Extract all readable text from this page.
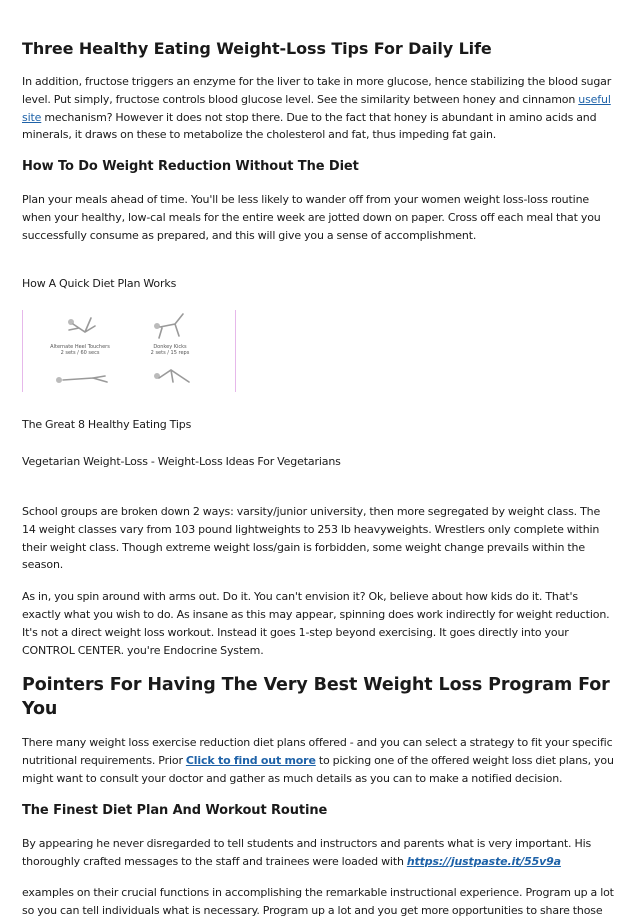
Three Healthy Eating Weight-Loss Tips For Daily Life

In addition, fructose triggers an enzyme for the liver to take in more glucose, hence stabilizing the blood sugar level. Put simply, fructose controls blood glucose level. See the similarity between honey and cinnamon useful site mechanism? However it does not stop there. Due to the fact that honey is abundant in amino acids and minerals, it draws on these to metabolize the cholesterol and fat, thus impeding fat gain.

How To Do Weight Reduction Without The Diet

Plan your meals ahead of time. You'll be less likely to wander off from your women weight loss-loss routine when your healthy, low-cal meals for the entire week are jotted down on paper. Cross off each meal that you successfully consume as prepared, and this will give you a sense of accomplishment.

How A Quick Diet Plan Works

Alternate Heel Touchers
2 sets / 60 secs
Donkey Kicks
2 sets / 15 reps

The Great 8 Healthy Eating Tips

Vegetarian Weight-Loss - Weight-Loss Ideas For Vegetarians

School groups are broken down 2 ways: varsity/junior university, then more segregated by weight class. The 14 weight classes vary from 103 pound lightweights to 253 lb heavyweights. Wrestlers only complete within their weight class. Though extreme weight loss/gain is forbidden, some weight change prevails within the season.

As in, you spin around with arms out. Do it. You can't envision it? Ok, believe about how kids do it. That's exactly what you wish to do. As insane as this may appear, spinning does work indirectly for weight reduction. It's not a direct weight loss workout. Instead it goes 1-step beyond exercising. It goes directly into your CONTROL CENTER. you're Endocrine System.

Pointers For Having The Very Best Weight Loss Program For You

There many weight loss exercise reduction diet plans offered - and you can select a strategy to fit your specific nutritional requirements. Prior Click to find out more to picking one of the offered weight loss diet plans, you might want to consult your doctor and gather as much details as you can to make a notified decision.

The Finest Diet Plan And Workout Routine

By appearing he never disregarded to tell students and instructors and parents what is very important. His thoroughly crafted messages to the staff and trainees were loaded with https://justpaste.it/55v9a

examples on their crucial functions in accomplishing the remarkable instructional experience. Program up a lot so you can tell individuals what is necessary. Program up a lot and you get more opportunities to share those
